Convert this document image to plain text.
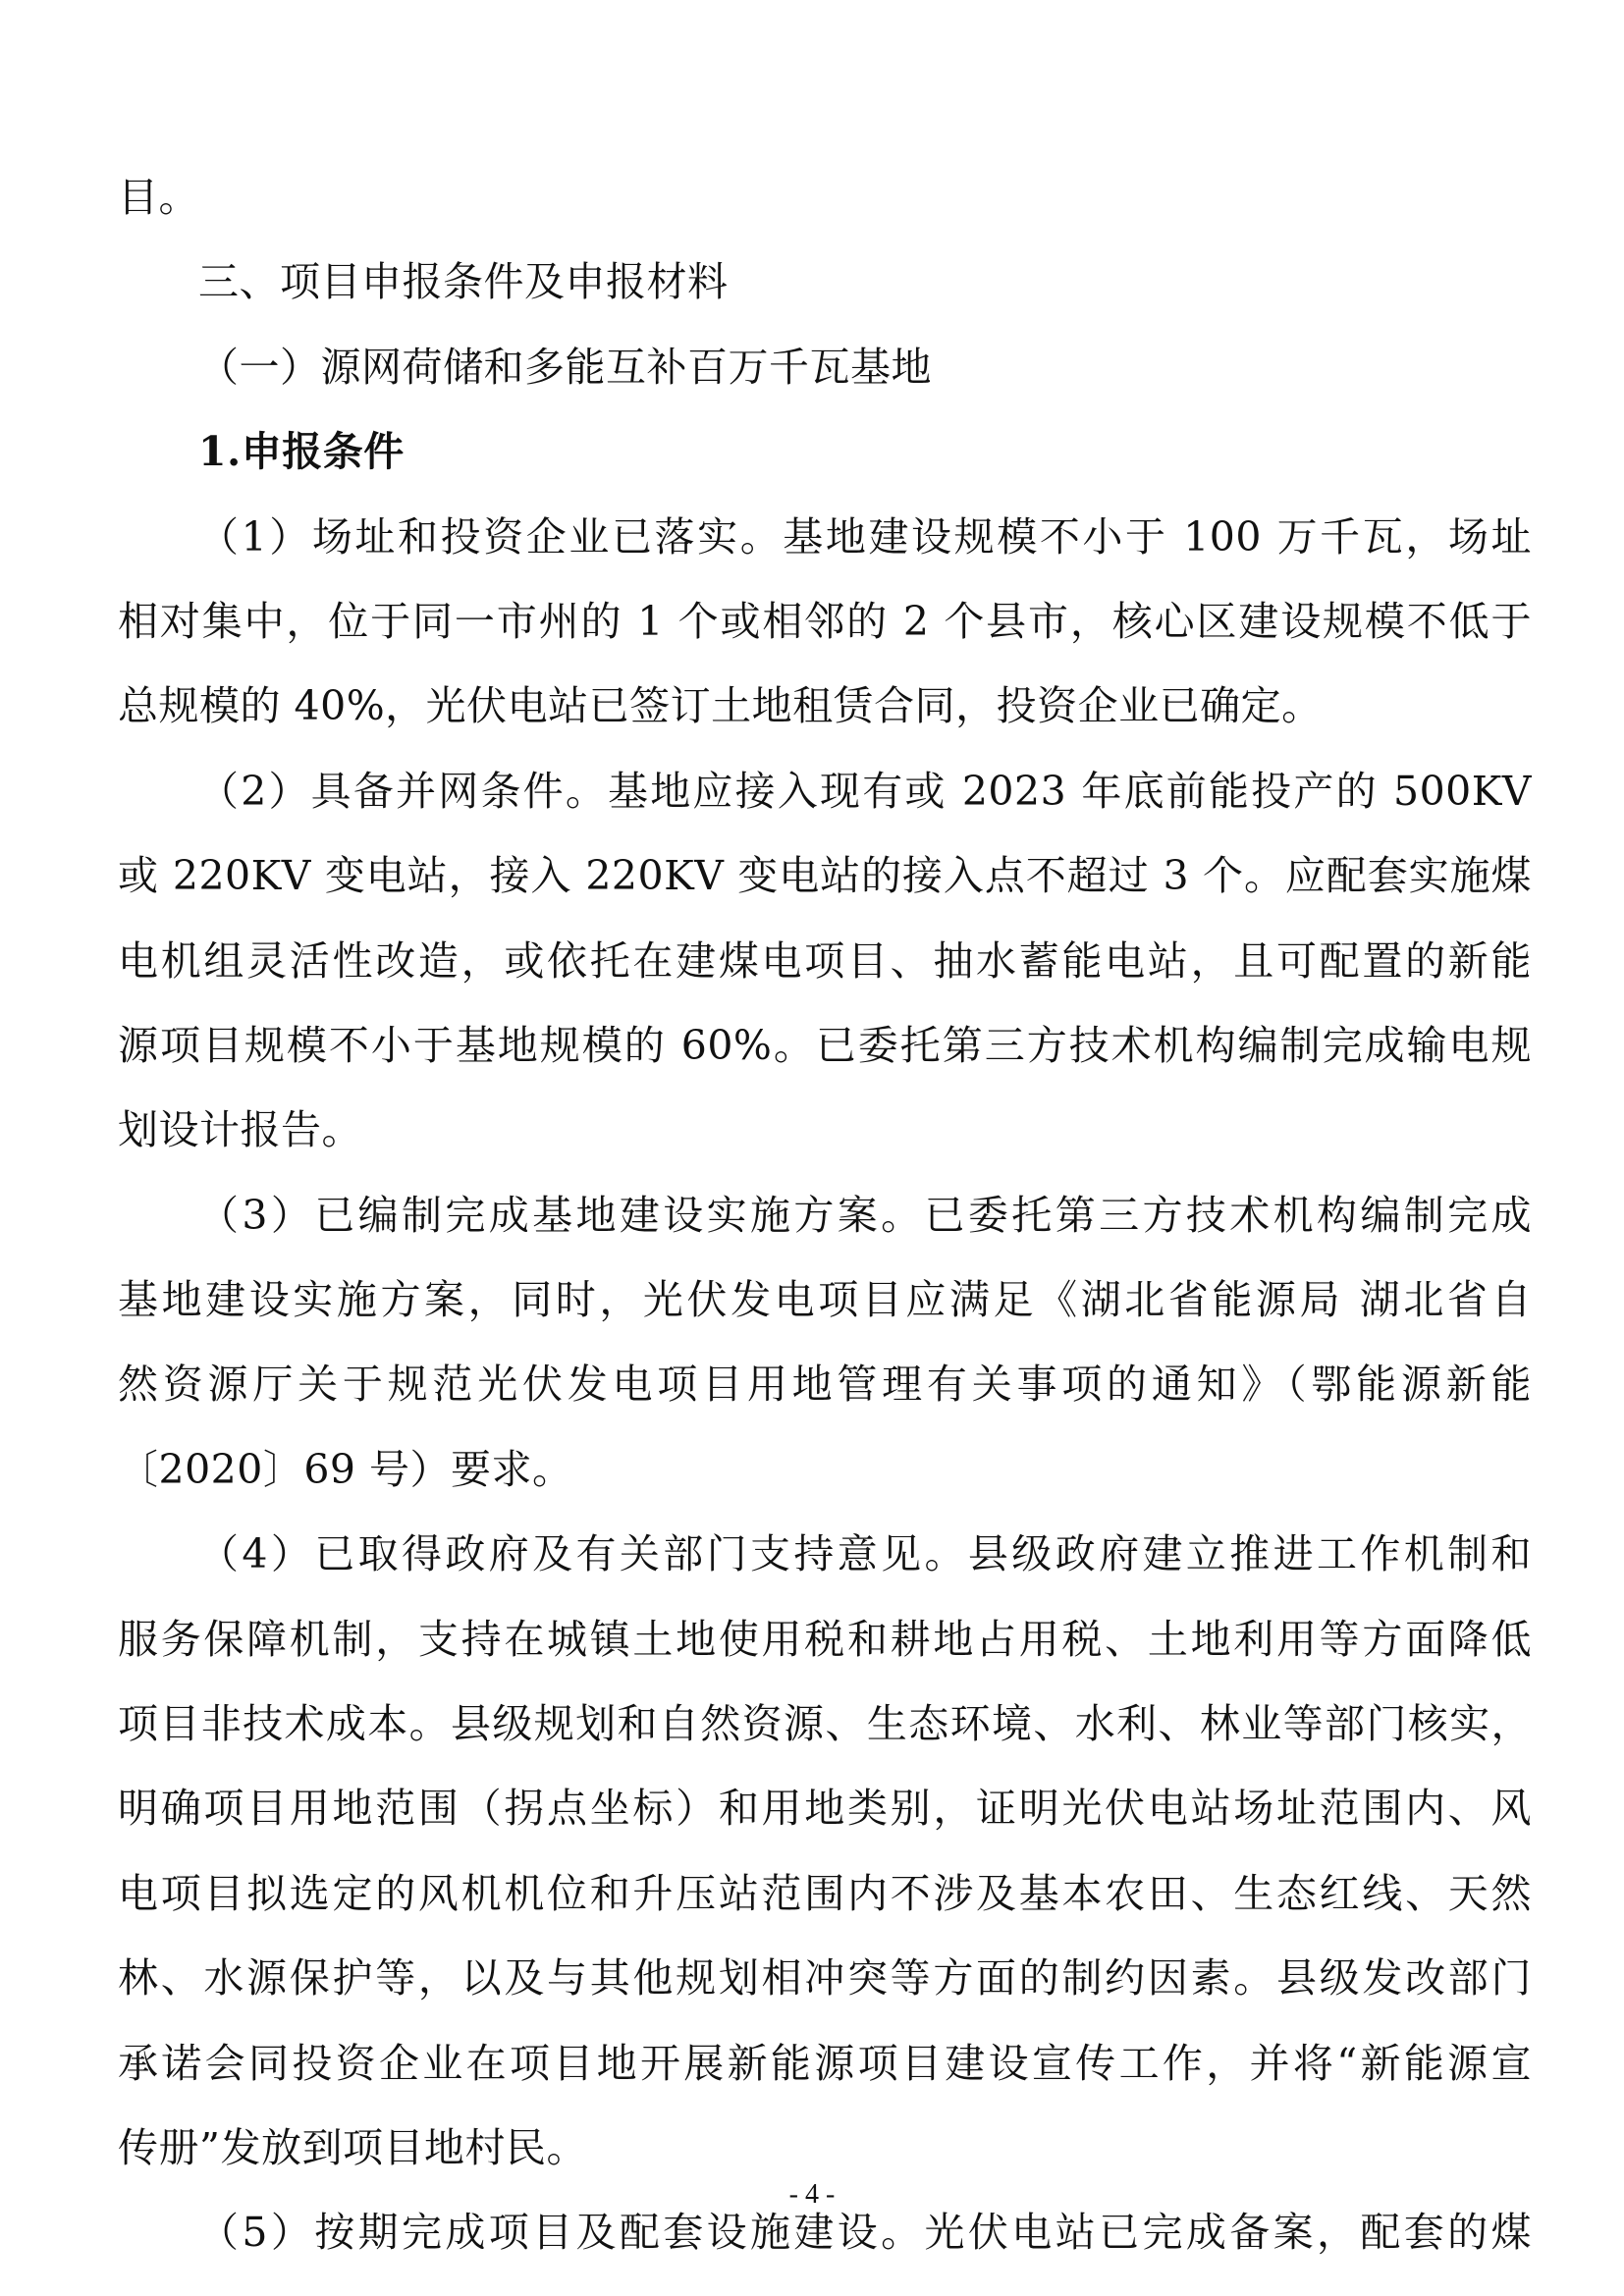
目。
三、项目申报条件及申报材料
（一）源网荷储和多能互补百万千瓦基地
1.申报条件
（1）场址和投资企业已落实。基地建设规模不小于 100 万千瓦，场址
相对集中，位于同一市州的 1 个或相邻的 2 个县市，核心区建设规模不低于
总规模的 40%，光伏电站已签订土地租赁合同，投资企业已确定。
（2）具备并网条件。基地应接入现有或 2023 年底前能投产的 500KV
或 220KV 变电站，接入 220KV 变电站的接入点不超过 3 个。应配套实施煤
电机组灵活性改造，或依托在建煤电项目、抽水蓄能电站，且可配置的新能
源项目规模不小于基地规模的 60%。已委托第三方技术机构编制完成输电规
划设计报告。
（3）已编制完成基地建设实施方案。已委托第三方技术机构编制完成
基地建设实施方案，同时，光伏发电项目应满足《湖北省能源局 湖北省自
然资源厅关于规范光伏发电项目用地管理有关事项的通知》（鄂能源新能
〔2020〕69 号）要求。
（4）已取得政府及有关部门支持意见。县级政府建立推进工作机制和
服务保障机制，支持在城镇土地使用税和耕地占用税、土地利用等方面降低
项目非技术成本。县级规划和自然资源、生态环境、水利、林业等部门核实，
明确项目用地范围（拐点坐标）和用地类别，证明光伏电站场址范围内、风
电项目拟选定的风机机位和升压站范围内不涉及基本农田、生态红线、天然
林、水源保护等，以及与其他规划相冲突等方面的制约因素。县级发改部门
承诺会同投资企业在项目地开展新能源项目建设宣传工作，并将“新能源宣
传册”发放到项目地村民。
（5）按期完成项目及配套设施建设。光伏电站已完成备案，配套的煤
- 4 -
